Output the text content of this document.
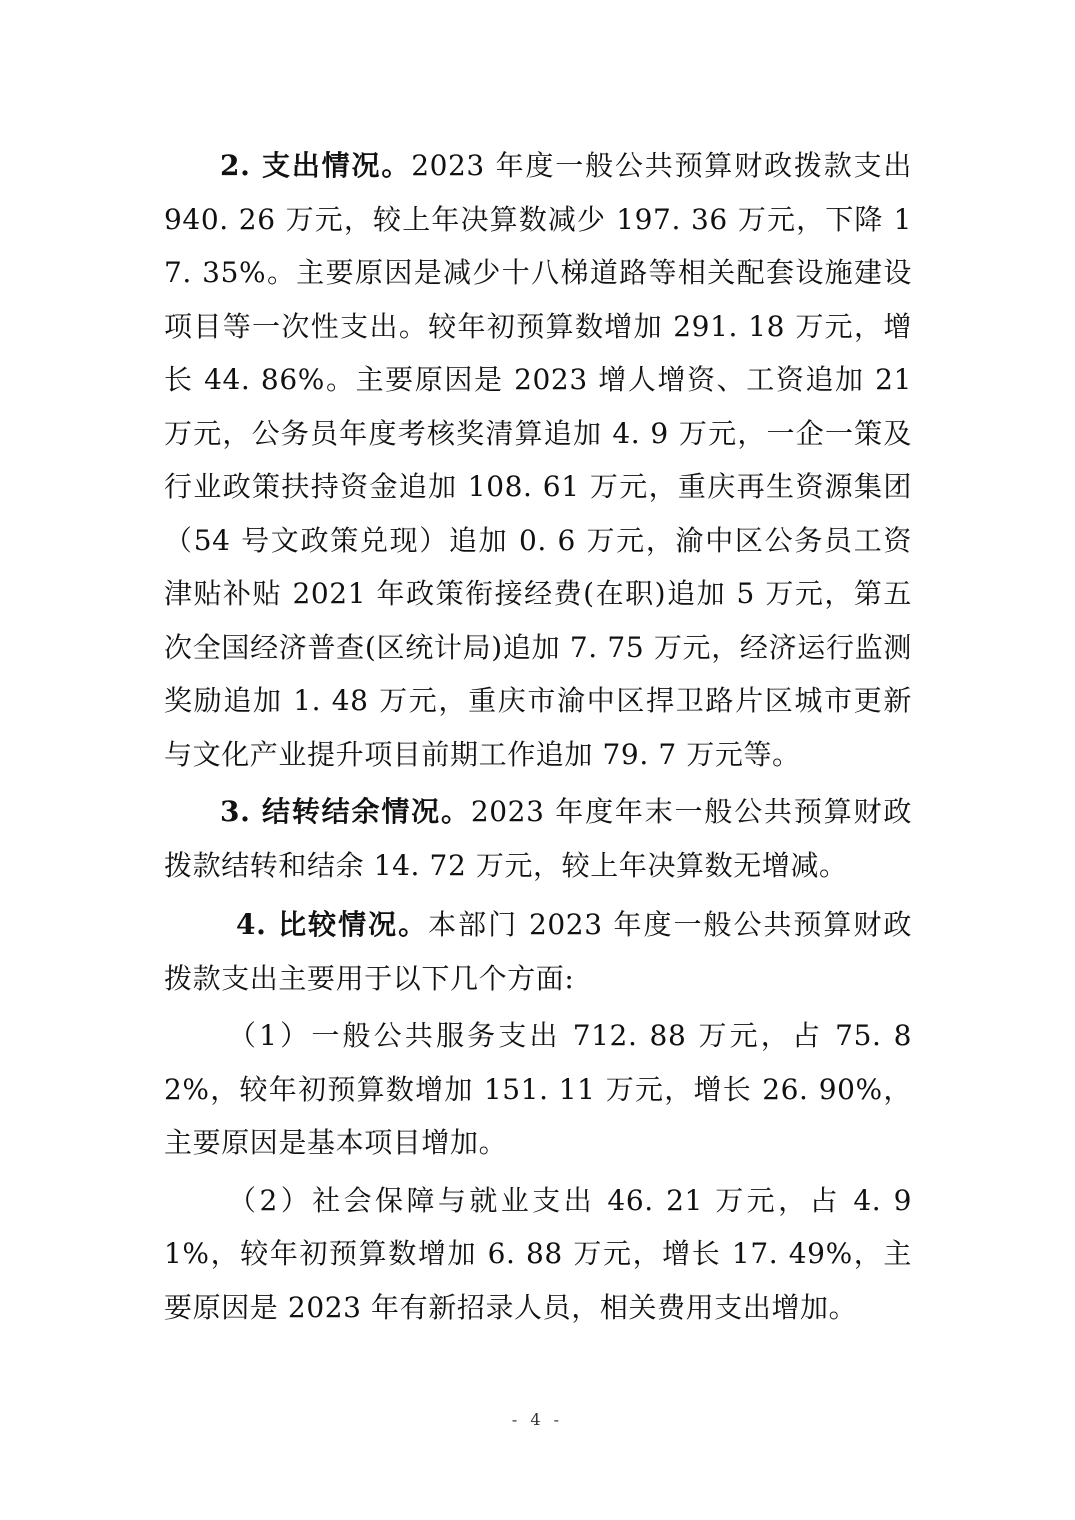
2. 支出情况。2023 年度一般公共预算财政拨款支出 940. 26 万元，较上年决算数减少 197. 36 万元，下降 17. 35%。主要原因是减少十八梯道路等相关配套设施建设项目等一次性支出。较年初预算数增加 291. 18 万元，增长 44. 86%。主要原因是 2023 增人增资、工资追加 21 万元，公务员年度考核奖清算追加 4. 9 万元，一企一策及行业政策扶持资金追加 108. 61 万元，重庆再生资源集团（54 号文政策兑现）追加 0. 6 万元，渝中区公务员工资津贴补贴 2021 年政策衔接经费(在职)追加 5 万元，第五次全国经济普查(区统计局)追加 7. 75 万元，经济运行监测奖励追加 1. 48 万元，重庆市渝中区捍卫路片区城市更新与文化产业提升项目前期工作追加 79. 7 万元等。

3. 结转结余情况。2023 年度年末一般公共预算财政拨款结转和结余 14. 72 万元，较上年决算数无增减。

4. 比较情况。本部门 2023 年度一般公共预算财政拨款支出主要用于以下几个方面:

（1）一般公共服务支出 712. 88 万元，占 75. 82%，较年初预算数增加 151. 11 万元，增长 26. 90%，主要原因是基本项目增加。

（2）社会保障与就业支出 46. 21 万元，占 4. 91%，较年初预算数增加 6. 88 万元，增长 17. 49%，主要原因是 2023 年有新招录人员，相关费用支出增加。

- 4 -
